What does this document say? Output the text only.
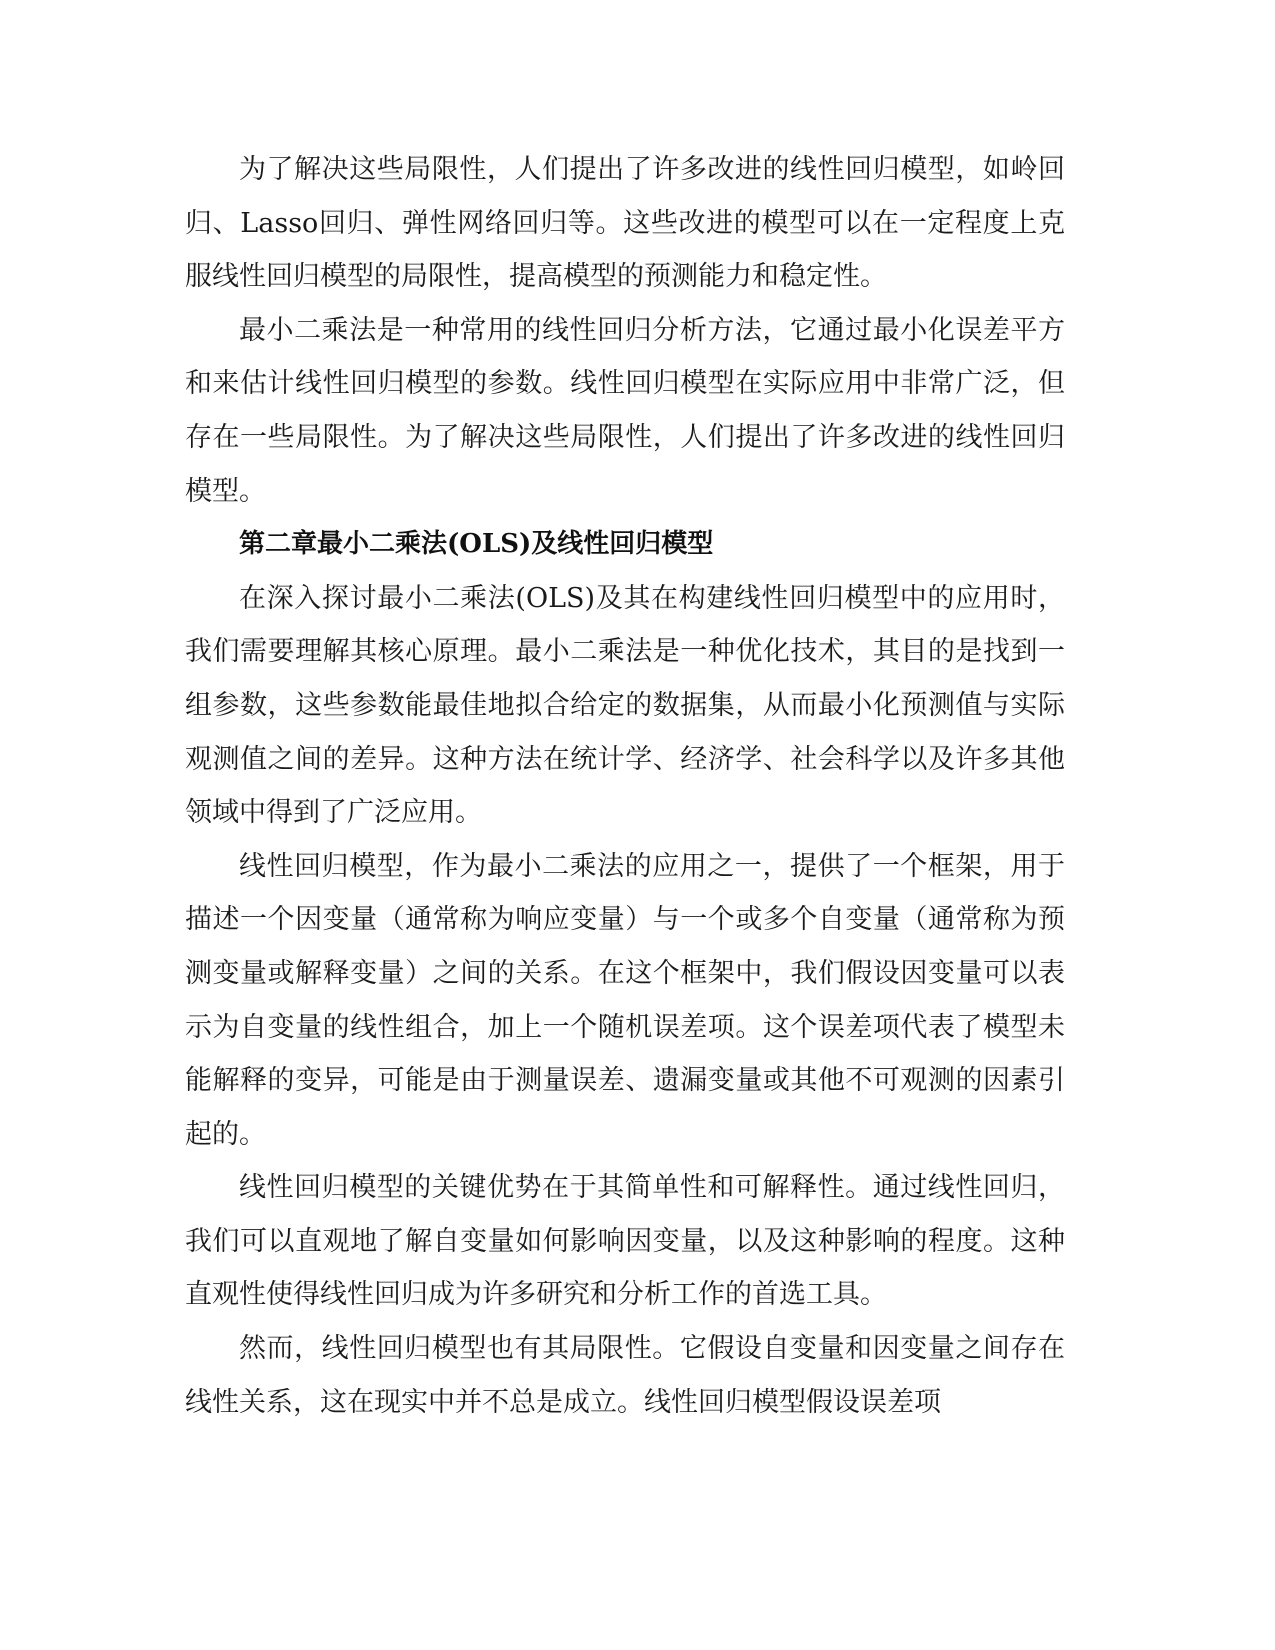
为了解决这些局限性，人们提出了许多改进的线性回归模型，如岭回归、Lasso回归、弹性网络回归等。这些改进的模型可以在一定程度上克服线性回归模型的局限性，提高模型的预测能力和稳定性。

最小二乘法是一种常用的线性回归分析方法，它通过最小化误差平方和来估计线性回归模型的参数。线性回归模型在实际应用中非常广泛，但存在一些局限性。为了解决这些局限性，人们提出了许多改进的线性回归模型。

第二章最小二乘法(OLS)及线性回归模型

在深入探讨最小二乘法(OLS)及其在构建线性回归模型中的应用时，我们需要理解其核心原理。最小二乘法是一种优化技术，其目的是找到一组参数，这些参数能最佳地拟合给定的数据集，从而最小化预测值与实际观测值之间的差异。这种方法在统计学、经济学、社会科学以及许多其他领域中得到了广泛应用。

线性回归模型，作为最小二乘法的应用之一，提供了一个框架，用于描述一个因变量（通常称为响应变量）与一个或多个自变量（通常称为预测变量或解释变量）之间的关系。在这个框架中，我们假设因变量可以表示为自变量的线性组合，加上一个随机误差项。这个误差项代表了模型未能解释的变异，可能是由于测量误差、遗漏变量或其他不可观测的因素引起的。

线性回归模型的关键优势在于其简单性和可解释性。通过线性回归，我们可以直观地了解自变量如何影响因变量，以及这种影响的程度。这种直观性使得线性回归成为许多研究和分析工作的首选工具。

然而，线性回归模型也有其局限性。它假设自变量和因变量之间存在线性关系，这在现实中并不总是成立。线性回归模型假设误差项
